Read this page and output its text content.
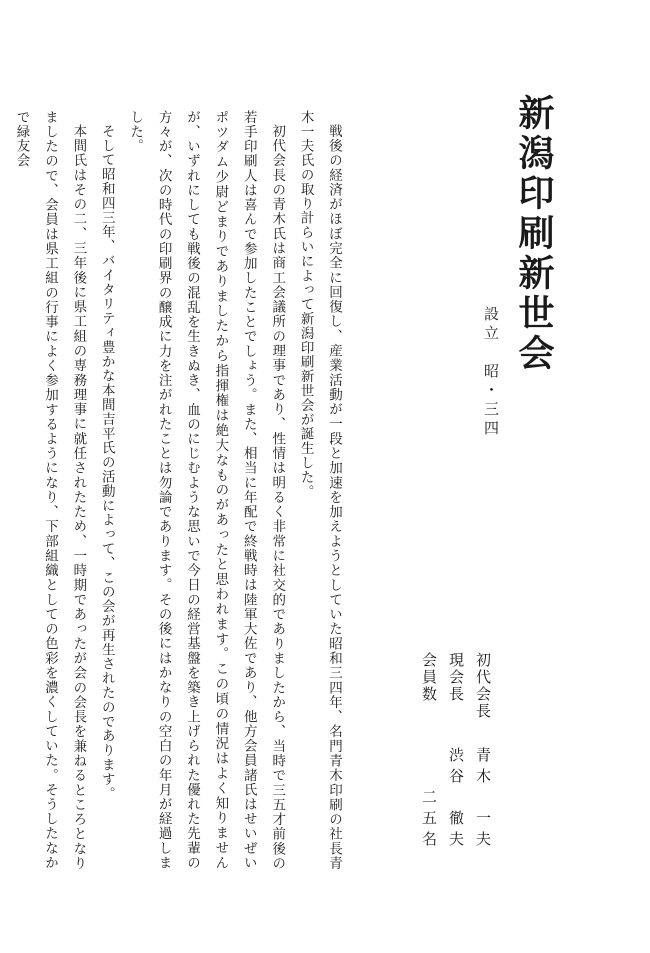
新潟印刷新世会
設立　昭・三四
初代会長
青木　一夫
現会長
渋谷　徹夫
会員数
二五名

戦後の経済がほぼ完全に回復し、産業活動が一段と加速を加えようとしていた昭和三四年、名門青木印刷の社長青木一夫氏の取り計らいによって新潟印刷新世会が誕生した。

初代会長の青木氏は商工会議所の理事であり、性情は明るく非常に社交的でありましたから、当時で三五才前後の若手印刷人は喜んで参加したことでしょう。また、相当に年配で終戦時は陸軍大佐であり、他方会員諸氏はせいぜいポツダム少尉どまりでありましたから指揮権は絶大なものがあったと思われます。この頃の情況はよく知りませんが、いずれにしても戦後の混乱を生きぬき、血のにじむような思いで今日の経営基盤を築き上げられた優れた先輩の方々が、次の時代の印刷界の醸成に力を注がれたことは勿論であります。その後にはかなりの空白の年月が経過しました。

そして昭和四三年、バイタリティ豊かな本間吉平氏の活動によって、この会が再生されたのであります。

本間氏はその二、三年後に県工組の専務理事に就任されたため、一時期であったが会の会長を兼ねるところとなりましたので、会員は県工組の行事によく参加するようになり、下部組織としての色彩を濃くしていた。そうしたなかで緑友会
